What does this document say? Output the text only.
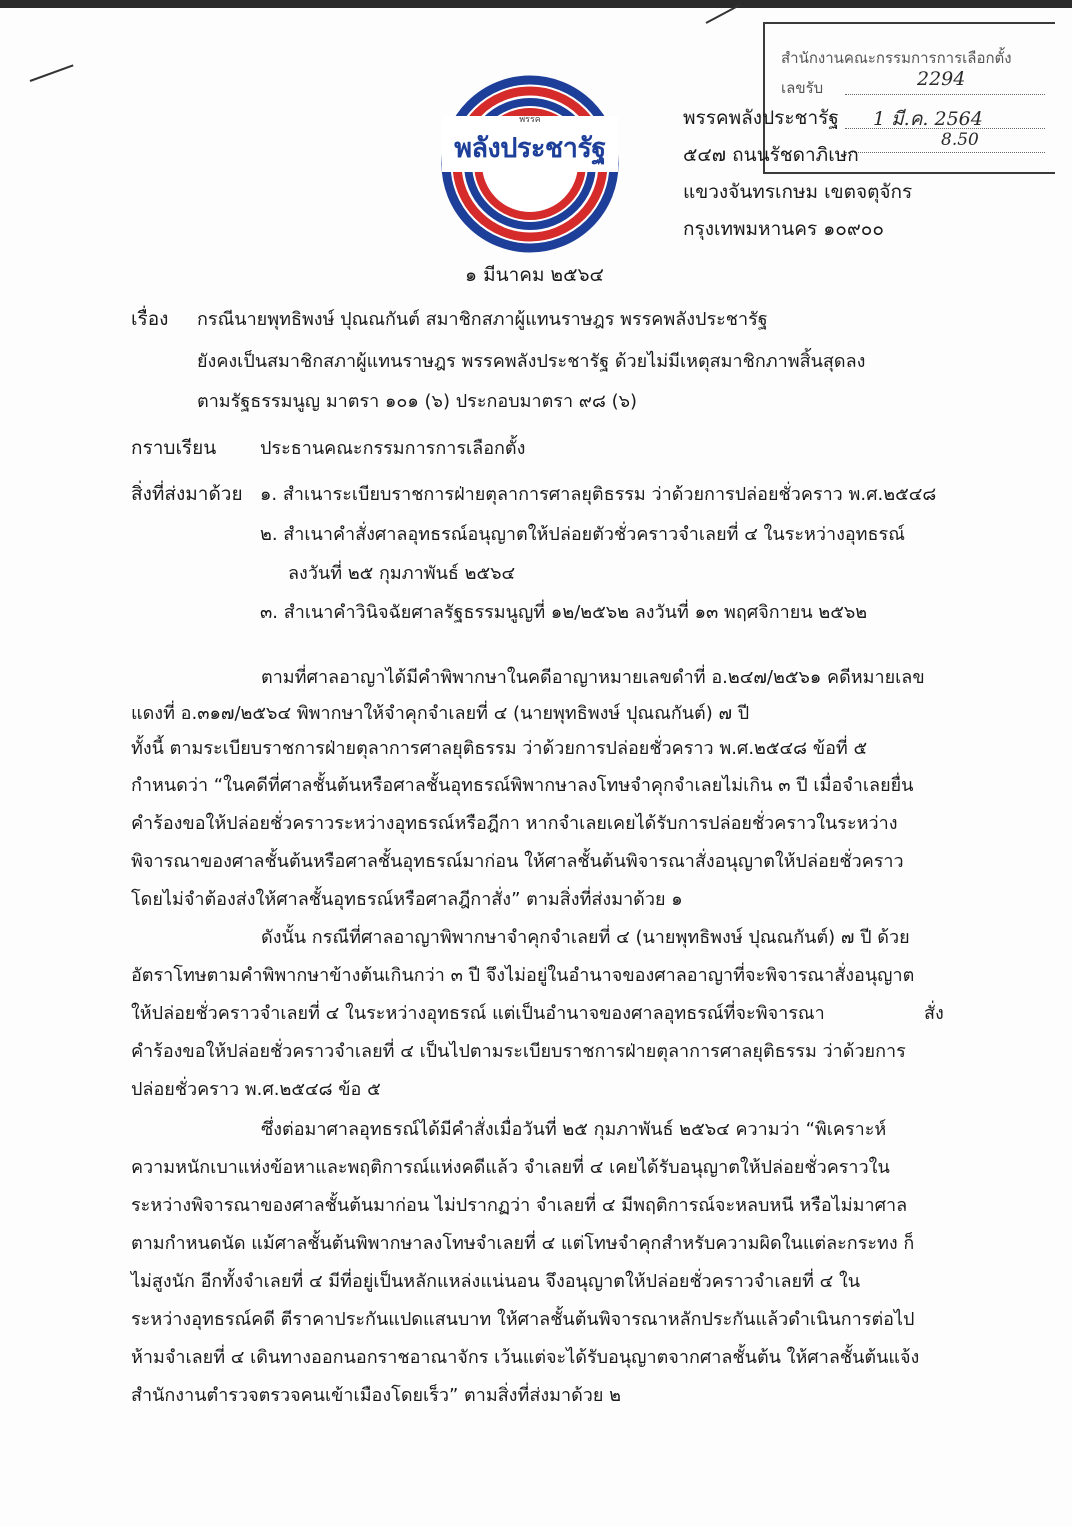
พรรค
พลังประชารัฐ
สำนักงานคณะกรรมการการเลือกตั้ง
เลขรับ	2294
1 มี.ค. 2564
8.50
พรรคพลังประชารัฐ
๕๔๗ ถนนรัชดาภิเษก
แขวงจันทรเกษม เขตจตุจักร
กรุงเทพมหานคร ๑๐๙๐๐
๑ มีนาคม ๒๕๖๔
เรื่อง กรณีนายพุทธิพงษ์ ปุณณกันต์ สมาชิกสภาผู้แทนราษฎร พรรคพลังประชารัฐ
ยังคงเป็นสมาชิกสภาผู้แทนราษฎร พรรคพลังประชารัฐ ด้วยไม่มีเหตุสมาชิกภาพสิ้นสุดลง
ตามรัฐธรรมนูญ มาตรา ๑๐๑ (๖) ประกอบมาตรา ๙๘ (๖)
กราบเรียน ประธานคณะกรรมการการเลือกตั้ง
สิ่งที่ส่งมาด้วย ๑. สำเนาระเบียบราชการฝ่ายตุลาการศาลยุติธรรม ว่าด้วยการปล่อยชั่วคราว พ.ศ.๒๕๔๘
๒. สำเนาคำสั่งศาลอุทธรณ์อนุญาตให้ปล่อยตัวชั่วคราวจำเลยที่ ๔ ในระหว่างอุทธรณ์
ลงวันที่ ๒๕ กุมภาพันธ์ ๒๕๖๔
๓. สำเนาคำวินิจฉัยศาลรัฐธรรมนูญที่ ๑๒/๒๕๖๒ ลงวันที่ ๑๓ พฤศจิกายน ๒๕๖๒
ตามที่ศาลอาญาได้มีคำพิพากษาในคดีอาญาหมายเลขดำที่ อ.๒๔๗/๒๕๖๑ คดีหมายเลข
แดงที่ อ.๓๑๗/๒๕๖๔ พิพากษาให้จำคุกจำเลยที่ ๔ (นายพุทธิพงษ์ ปุณณกันต์) ๗ ปี
ทั้งนี้ ตามระเบียบราชการฝ่ายตุลาการศาลยุติธรรม ว่าด้วยการปล่อยชั่วคราว พ.ศ.๒๕๔๘ ข้อที่ ๕
กำหนดว่า “ในคดีที่ศาลชั้นต้นหรือศาลชั้นอุทธรณ์พิพากษาลงโทษจำคุกจำเลยไม่เกิน ๓ ปี เมื่อจำเลยยื่น
คำร้องขอให้ปล่อยชั่วคราวระหว่างอุทธรณ์หรือฎีกา หากจำเลยเคยได้รับการปล่อยชั่วคราวในระหว่าง
พิจารณาของศาลชั้นต้นหรือศาลชั้นอุทธรณ์มาก่อน ให้ศาลชั้นต้นพิจารณาสั่งอนุญาตให้ปล่อยชั่วคราว
โดยไม่จำต้องส่งให้ศาลชั้นอุทธรณ์หรือศาลฎีกาสั่ง” ตามสิ่งที่ส่งมาด้วย ๑
ดังนั้น กรณีที่ศาลอาญาพิพากษาจำคุกจำเลยที่ ๔ (นายพุทธิพงษ์ ปุณณกันต์) ๗ ปี ด้วย
อัตราโทษตามคำพิพากษาข้างต้นเกินกว่า ๓ ปี จึงไม่อยู่ในอำนาจของศาลอาญาที่จะพิจารณาสั่งอนุญาต
ให้ปล่อยชั่วคราวจำเลยที่ ๔ ในระหว่างอุทธรณ์ แต่เป็นอำนาจของศาลอุทธรณ์ที่จะพิจารณา	สั่ง
คำร้องขอให้ปล่อยชั่วคราวจำเลยที่ ๔ เป็นไปตามระเบียบราชการฝ่ายตุลาการศาลยุติธรรม ว่าด้วยการ
ปล่อยชั่วคราว พ.ศ.๒๕๔๘ ข้อ ๕
ซึ่งต่อมาศาลอุทธรณ์ได้มีคำสั่งเมื่อวันที่ ๒๕ กุมภาพันธ์ ๒๕๖๔ ความว่า “พิเคราะห์
ความหนักเบาแห่งข้อหาและพฤติการณ์แห่งคดีแล้ว จำเลยที่ ๔ เคยได้รับอนุญาตให้ปล่อยชั่วคราวใน
ระหว่างพิจารณาของศาลชั้นต้นมาก่อน ไม่ปรากฏว่า จำเลยที่ ๔ มีพฤติการณ์จะหลบหนี หรือไม่มาศาล
ตามกำหนดนัด แม้ศาลชั้นต้นพิพากษาลงโทษจำเลยที่ ๔ แต่โทษจำคุกสำหรับความผิดในแต่ละกระทง ก็
ไม่สูงนัก อีกทั้งจำเลยที่ ๔ มีที่อยู่เป็นหลักแหล่งแน่นอน จึงอนุญาตให้ปล่อยชั่วคราวจำเลยที่ ๔ ใน
ระหว่างอุทธรณ์คดี ตีราคาประกันแปดแสนบาท ให้ศาลชั้นต้นพิจารณาหลักประกันแล้วดำเนินการต่อไป
ห้ามจำเลยที่ ๔ เดินทางออกนอกราชอาณาจักร เว้นแต่จะได้รับอนุญาตจากศาลชั้นต้น ให้ศาลชั้นต้นแจ้ง
สำนักงานตำรวจตรวจคนเข้าเมืองโดยเร็ว” ตามสิ่งที่ส่งมาด้วย ๒
